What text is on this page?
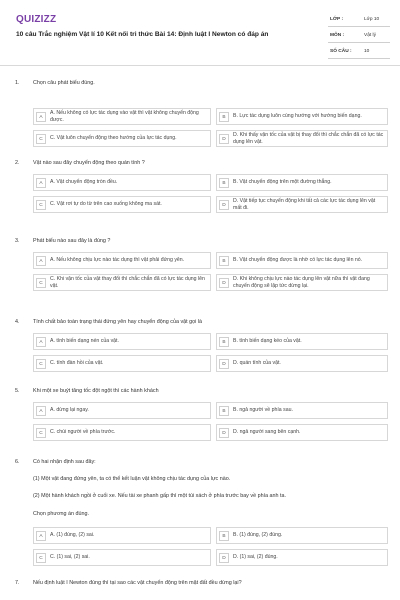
QUIZIZZ
10 câu Trắc nghiệm Vật lí 10 Kết nối tri thức Bài 14: Định luật I Newton có đáp án
LỚP :	Lớp 10
MÔN :	Vật lý
SỐ CÂU :	10
1.	Chọn câu phát biểu đúng.
A
A. Nếu không có lực tác dụng vào vật thì vật không chuyển động được.	B	B. Lực tác dụng luôn cùng hướng với hướng biến dạng.
C	C. Vật luôn chuyển động theo hướng của lực tác dụng.	D
D. Khi thấy vận tốc của vật bị thay đổi thì chắc chắn đã có lực tác dụng lên vật.
2.	Vật nào sau đây chuyển động theo quán tính ?
A	A. Vật chuyển động tròn đều.	B	B. Vật chuyển động trên một đường thẳng.
C	C. Vật rơi tự do từ trên cao xuống không ma sát.	D
D. Vật tiếp tục chuyển động khi tất cả các lực tác dụng lên vật mất đi.
3.	Phát biểu nào sau đây là đúng ?
A	A. Nếu không chịu lực nào tác dụng thì vật phải đứng yên.	B	B. Vật chuyển động được là nhờ có lực tác dụng lên nó.
C
C. Khi vận tốc của vật thay đổi thì chắc chắn đã có lực tác dụng lên vật.	D
D. Khi không chịu lực nào tác dụng lên vật nữa thì vật đang chuyển động sẽ lập tức dừng lại.
4.	Tính chất bảo toàn trạng thái đứng yên hay chuyển động của vật gọi là
A	A. tính biến dạng nén của vật.	B	B. tính biến dạng kéo của vật.
C	C. tính đàn hồi của vật.	D	D. quán tính của vật.
5.	Khi một xe buýt tăng tốc đột ngột thì các hành khách
A	A. dừng lại ngay.	B	B. ngả người về phía sau.
C	C. chúi người về phía trước.	D	D. ngả người sang bên cạnh.
6.	Có hai nhận định sau đây:
(1) Một vật đang đứng yên, ta có thể kết luận vật không chịu tác dụng của lực nào.
(2) Một hành khách ngồi ở cuối xe. Nếu tài xe phanh gấp thì một túi xách ở phía trước bay về phía anh ta.
Chọn phương án đúng.
A	A. (1) đúng, (2) sai.	B	B. (1) đúng, (2) đúng.
C	C. (1) sai, (2) sai.	D	D. (1) sai, (2) đúng.
7.	Nếu định luật I Newton đúng thì tại sao các vật chuyển động trên mặt đất đều dừng lại?
